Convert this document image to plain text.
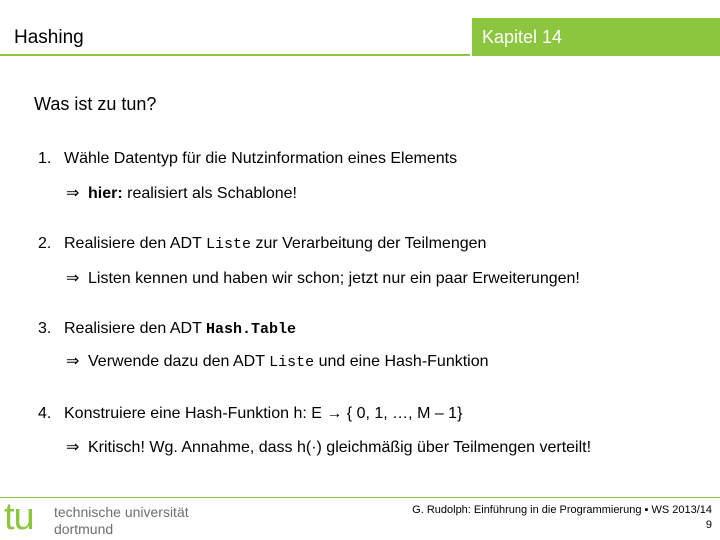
Hashing	Kapitel 14
Was ist zu tun?
1. Wähle Datentyp für die Nutzinformation eines Elements
⇒ hier: realisiert als Schablone!
2. Realisiere den ADT Liste zur Verarbeitung der Teilmengen
⇒ Listen kennen und haben wir schon; jetzt nur ein paar Erweiterungen!
3. Realisiere den ADT Hash.Table
⇒ Verwende dazu den ADT Liste und eine Hash-Funktion
4. Konstruiere eine Hash-Funktion h: E → { 0, 1, …, M – 1}
⇒ Kritisch! Wg. Annahme, dass h(·) gleichmäßig über Teilmengen verteilt!
tu technische universität
dortmund
G. Rudolph: Einführung in die Programmierung ▪ WS 2013/14
9
